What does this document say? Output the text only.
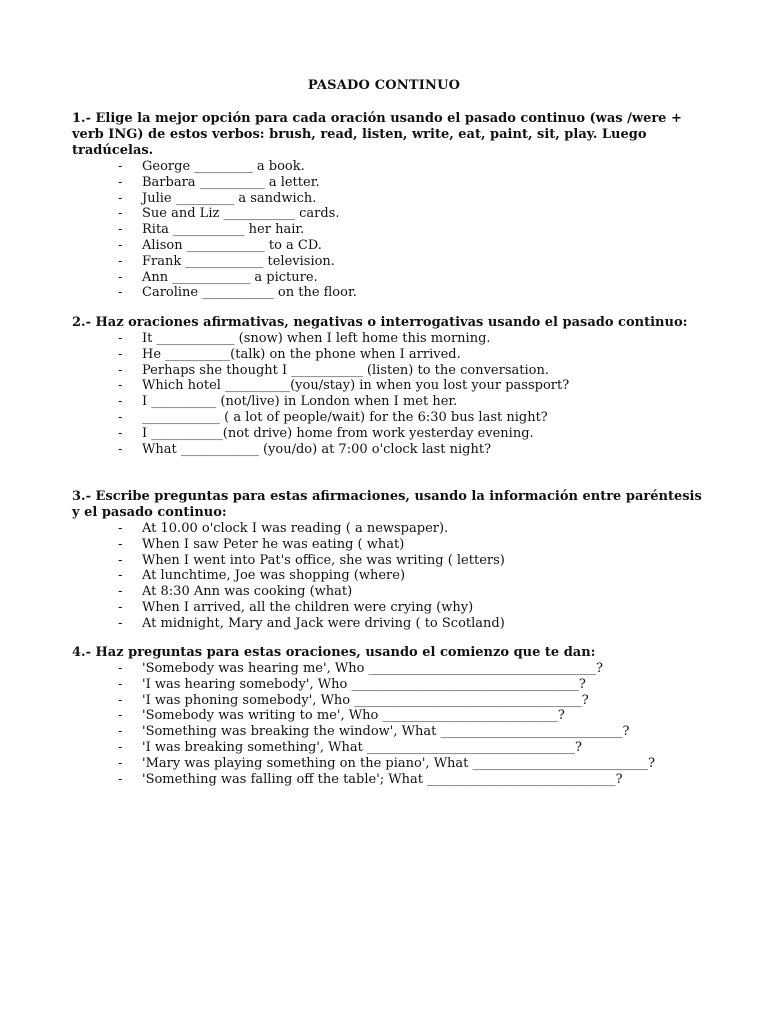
PASADO CONTINUO

1.- Elige la mejor opción para cada oración usando el pasado continuo (was /were + verb ING) de estos verbos: brush, read, listen, write, eat, paint, sit, play. Luego tradúcelas.

- George _________ a book.
- Barbara __________ a letter.
- Julie _________ a sandwich.
- Sue and Liz ___________ cards.
- Rita ___________ her hair.
- Alison ____________ to a CD.
- Frank ____________ television.
- Ann ____________ a picture.
- Caroline ___________ on the floor.

2.- Haz oraciones afirmativas, negativas o interrogativas usando el pasado continuo:

- It ____________ (snow) when I left home this morning.
- He __________(talk) on the phone when I arrived.
- Perhaps she thought I ___________ (listen) to the conversation.
- Which hotel __________(you/stay) in when you lost your passport?
- I __________ (not/live) in London when I met her.
- ____________ ( a lot of people/wait) for the 6:30 bus last night?
- I ___________(not drive) home from work yesterday evening.
- What ____________ (you/do) at 7:00 o'clock last night?

3.- Escribe preguntas para estas afirmaciones, usando la información entre paréntesis y el pasado continuo:

- At 10.00 o'clock I was reading ( a newspaper).
- When I saw Peter he was eating ( what)
- When I went into Pat's office, she was writing ( letters)
- At lunchtime, Joe was shopping (where)
- At 8:30 Ann was cooking (what)
- When I arrived, all the children were crying (why)
- At midnight, Mary and Jack were driving ( to Scotland)

4.- Haz preguntas para estas oraciones, usando el comienzo que te dan:

- 'Somebody was hearing me', Who ___________________________________?
- 'I was hearing somebody', Who ___________________________________?
- 'I was phoning somebody', Who ___________________________________?
- 'Somebody was writing to me', Who ___________________________?
- 'Something was breaking the window', What ____________________________?
- 'I was breaking something', What ________________________________?
- 'Mary was playing something on the piano', What ___________________________?
- 'Something was falling off the table'; What _____________________________?
